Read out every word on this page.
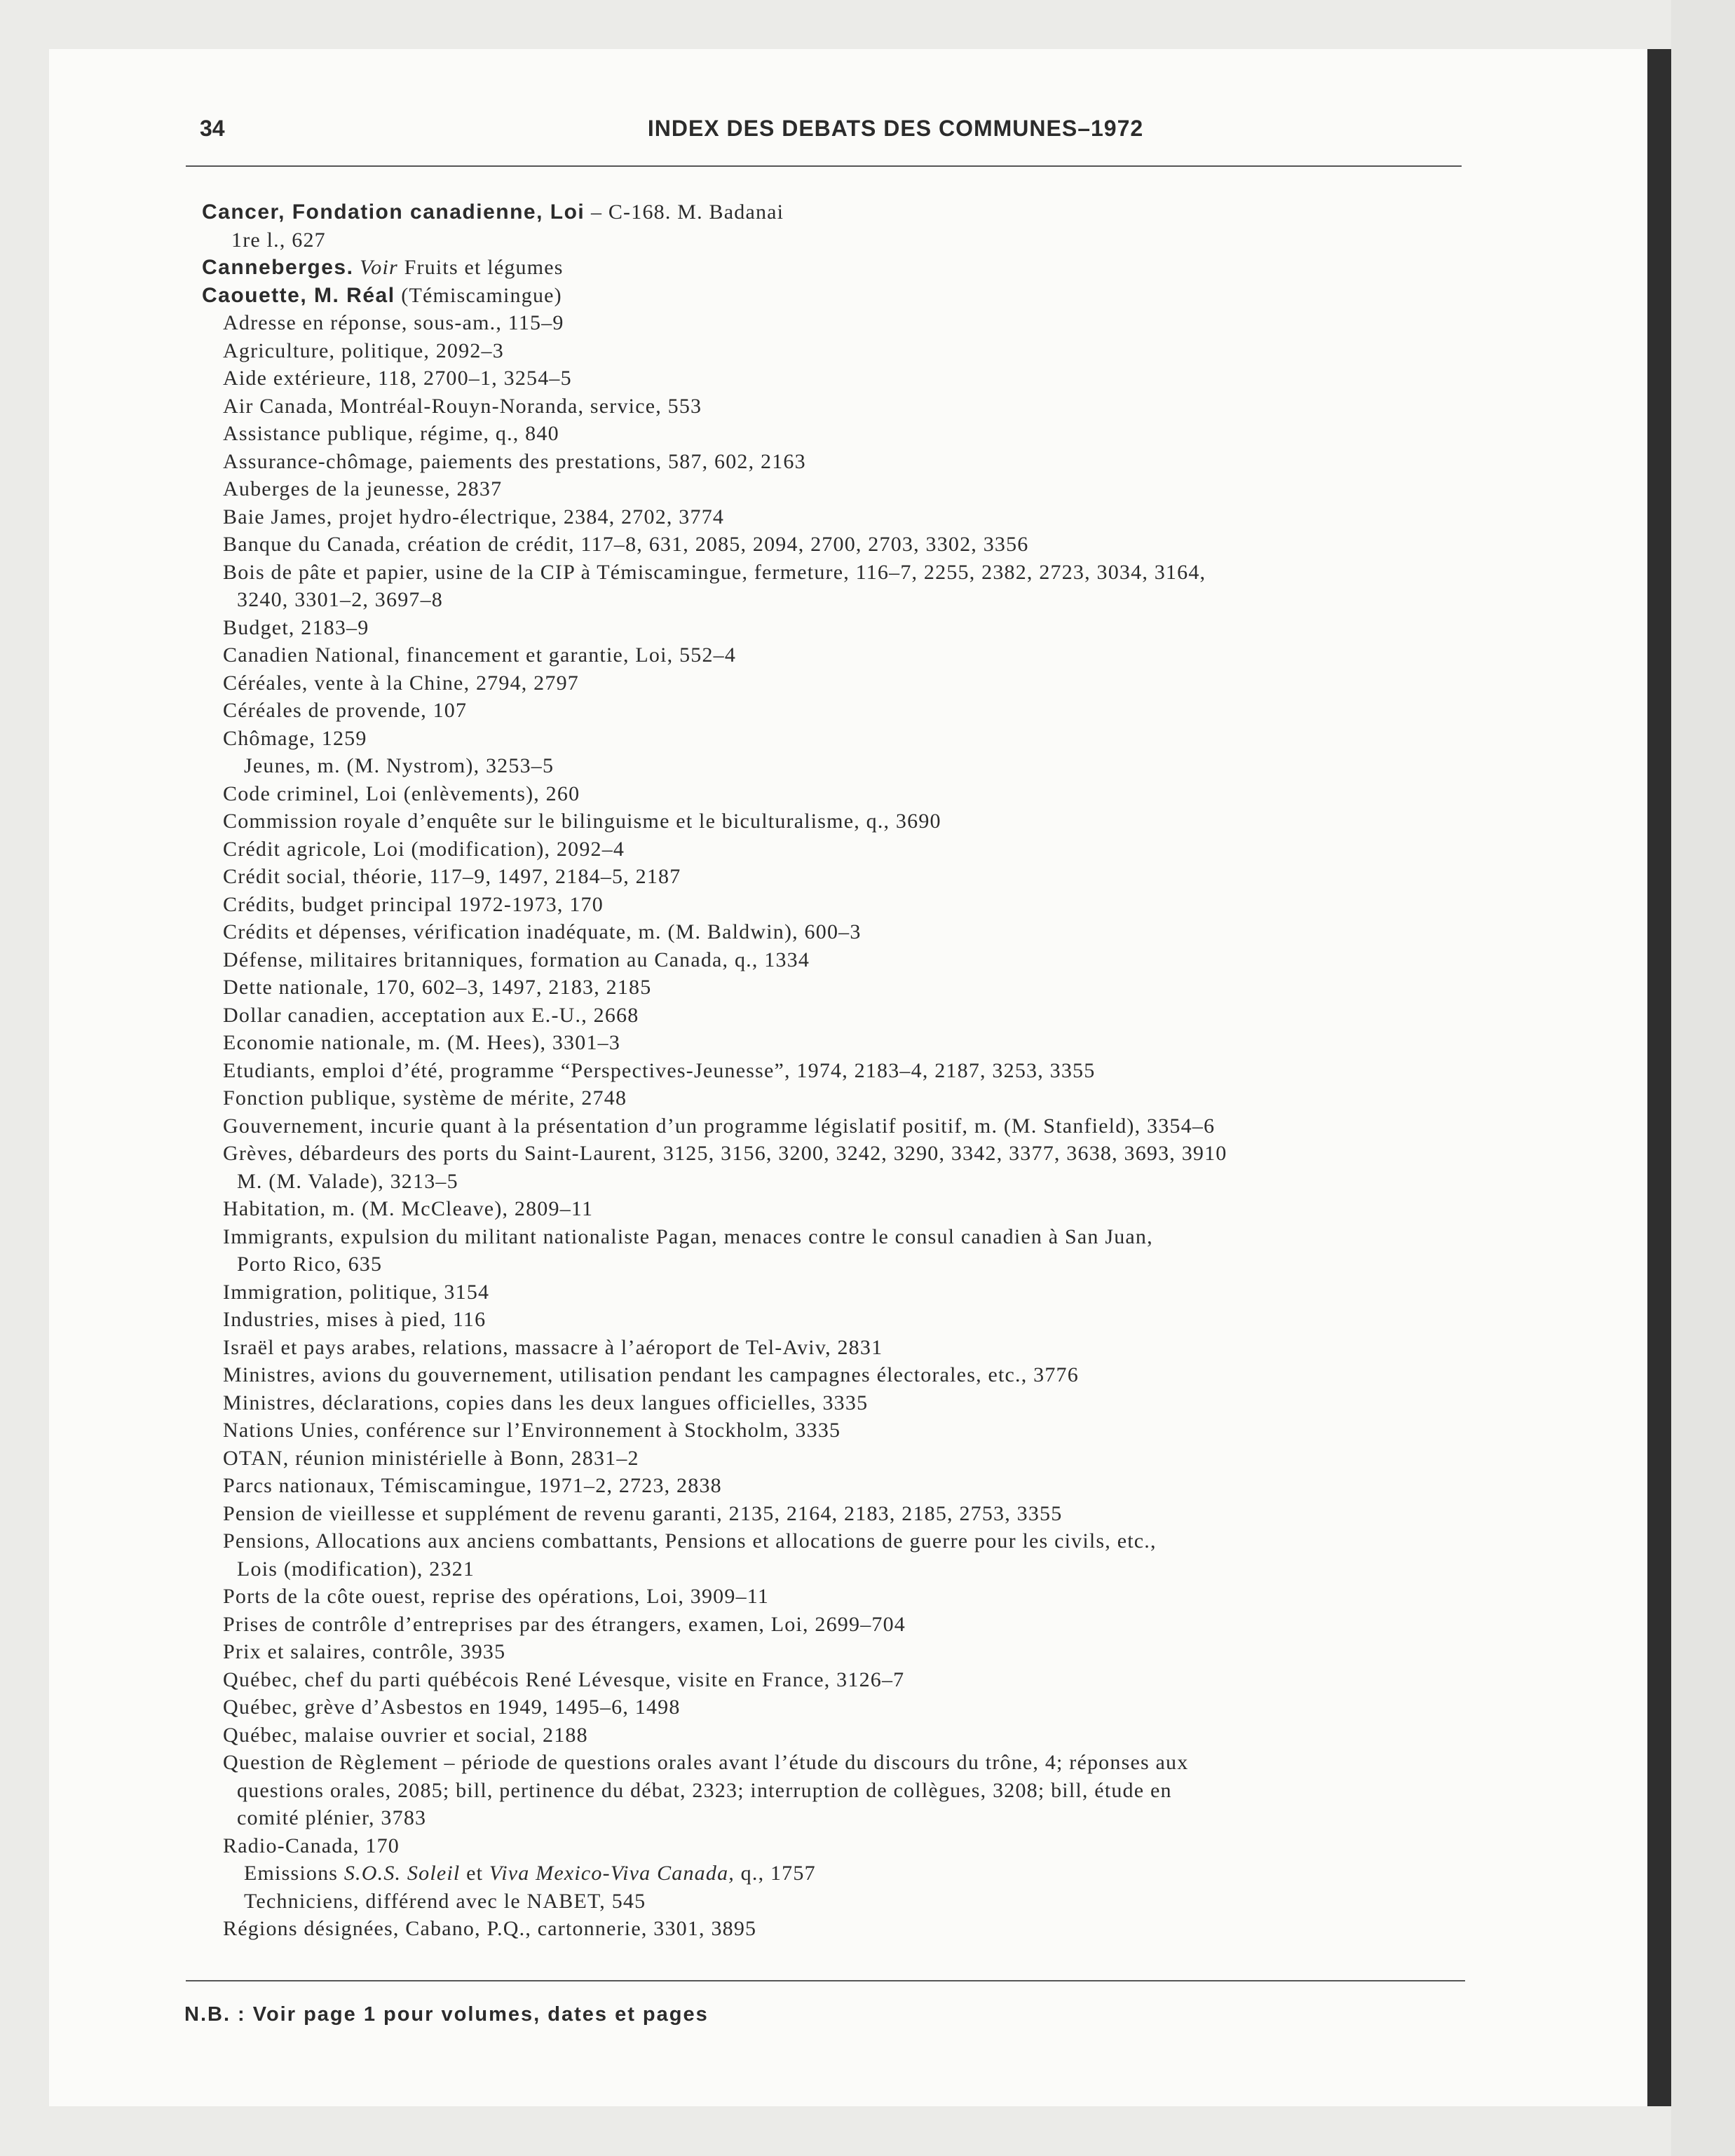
34	INDEX DES DEBATS DES COMMUNES–1972
Cancer, Fondation canadienne, Loi – C-168. M. Badanai
1re l., 627
Canneberges. Voir Fruits et légumes
Caouette, M. Réal (Témiscamingue)
Adresse en réponse, sous-am., 115–9
Agriculture, politique, 2092–3
Aide extérieure, 118, 2700–1, 3254–5
Air Canada, Montréal-Rouyn-Noranda, service, 553
Assistance publique, régime, q., 840
Assurance-chômage, paiements des prestations, 587, 602, 2163
Auberges de la jeunesse, 2837
Baie James, projet hydro-électrique, 2384, 2702, 3774
Banque du Canada, création de crédit, 117–8, 631, 2085, 2094, 2700, 2703, 3302, 3356
Bois de pâte et papier, usine de la CIP à Témiscamingue, fermeture, 116–7, 2255, 2382, 2723, 3034, 3164,
3240, 3301–2, 3697–8
Budget, 2183–9
Canadien National, financement et garantie, Loi, 552–4
Céréales, vente à la Chine, 2794, 2797
Céréales de provende, 107
Chômage, 1259
Jeunes, m. (M. Nystrom), 3253–5
Code criminel, Loi (enlèvements), 260
Commission royale d’enquête sur le bilinguisme et le biculturalisme, q., 3690
Crédit agricole, Loi (modification), 2092–4
Crédit social, théorie, 117–9, 1497, 2184–5, 2187
Crédits, budget principal 1972-1973, 170
Crédits et dépenses, vérification inadéquate, m. (M. Baldwin), 600–3
Défense, militaires britanniques, formation au Canada, q., 1334
Dette nationale, 170, 602–3, 1497, 2183, 2185
Dollar canadien, acceptation aux E.-U., 2668
Economie nationale, m. (M. Hees), 3301–3
Etudiants, emploi d’été, programme “Perspectives-Jeunesse”, 1974, 2183–4, 2187, 3253, 3355
Fonction publique, système de mérite, 2748
Gouvernement, incurie quant à la présentation d’un programme législatif positif, m. (M. Stanfield), 3354–6
Grèves, débardeurs des ports du Saint-Laurent, 3125, 3156, 3200, 3242, 3290, 3342, 3377, 3638, 3693, 3910
M. (M. Valade), 3213–5
Habitation, m. (M. McCleave), 2809–11
Immigrants, expulsion du militant nationaliste Pagan, menaces contre le consul canadien à San Juan,
Porto Rico, 635
Immigration, politique, 3154
Industries, mises à pied, 116
Israël et pays arabes, relations, massacre à l’aéroport de Tel-Aviv, 2831
Ministres, avions du gouvernement, utilisation pendant les campagnes électorales, etc., 3776
Ministres, déclarations, copies dans les deux langues officielles, 3335
Nations Unies, conférence sur l’Environnement à Stockholm, 3335
OTAN, réunion ministérielle à Bonn, 2831–2
Parcs nationaux, Témiscamingue, 1971–2, 2723, 2838
Pension de vieillesse et supplément de revenu garanti, 2135, 2164, 2183, 2185, 2753, 3355
Pensions, Allocations aux anciens combattants, Pensions et allocations de guerre pour les civils, etc.,
Lois (modification), 2321
Ports de la côte ouest, reprise des opérations, Loi, 3909–11
Prises de contrôle d’entreprises par des étrangers, examen, Loi, 2699–704
Prix et salaires, contrôle, 3935
Québec, chef du parti québécois René Lévesque, visite en France, 3126–7
Québec, grève d’Asbestos en 1949, 1495–6, 1498
Québec, malaise ouvrier et social, 2188
Question de Règlement – période de questions orales avant l’étude du discours du trône, 4; réponses aux
questions orales, 2085; bill, pertinence du débat, 2323; interruption de collègues, 3208; bill, étude en
comité plénier, 3783
Radio-Canada, 170
Emissions S.O.S. Soleil et Viva Mexico-Viva Canada, q., 1757
Techniciens, différend avec le NABET, 545
Régions désignées, Cabano, P.Q., cartonnerie, 3301, 3895
N.B. : Voir page 1 pour volumes, dates et pages
